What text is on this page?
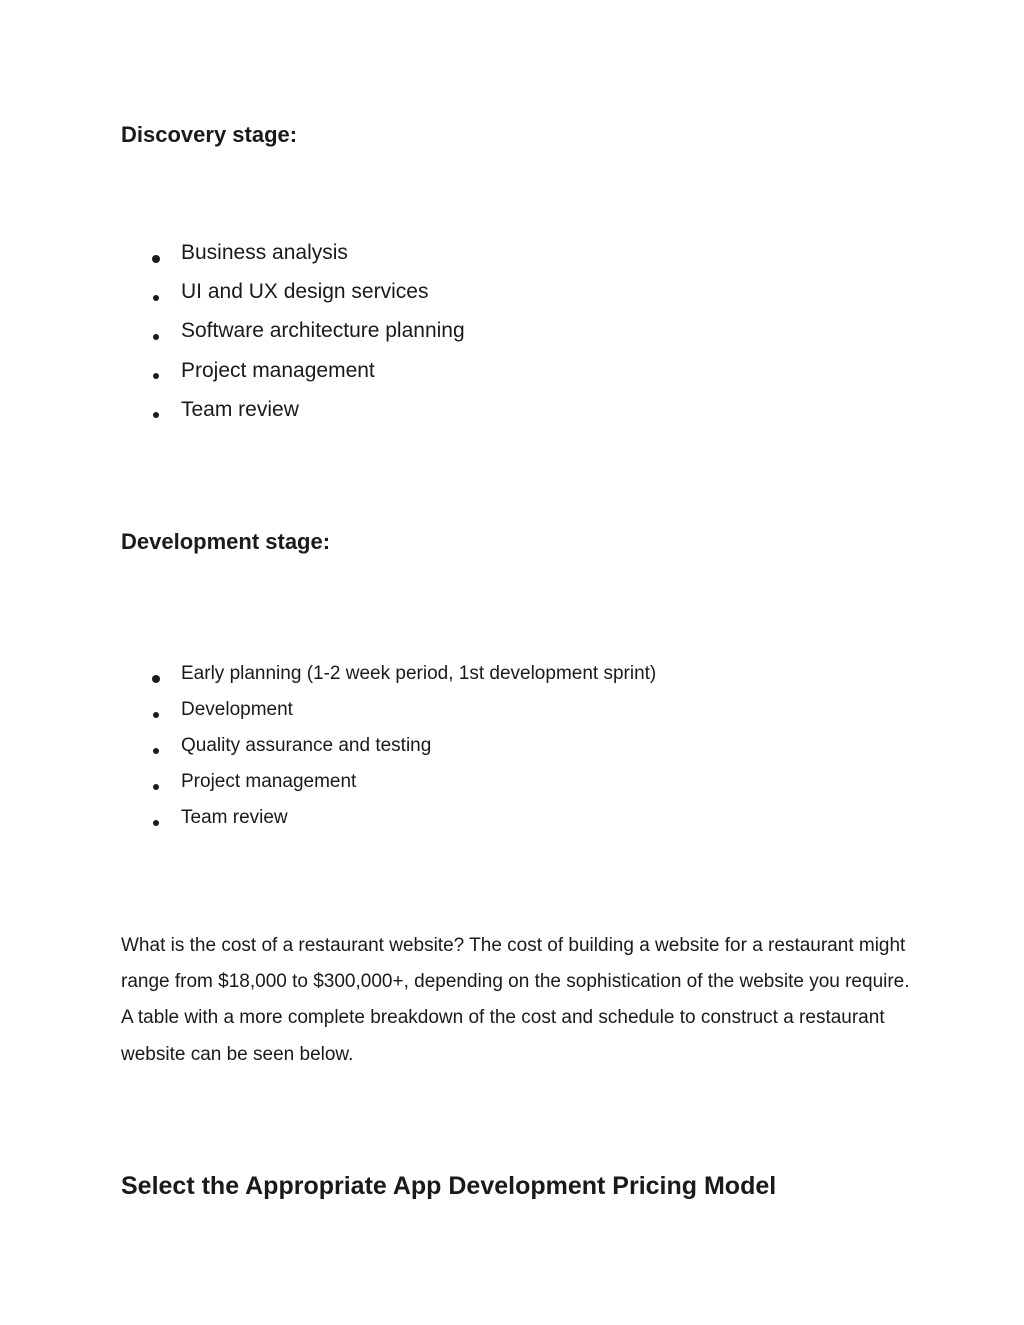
Discovery stage:
Business analysis
UI and UX design services
Software architecture planning
Project management
Team review
Development stage:
Early planning (1-2 week period, 1st development sprint)
Development
Quality assurance and testing
Project management
Team review

What is the cost of a restaurant website? The cost of building a website for a restaurant might range from $18,000 to $300,000+, depending on the sophistication of the website you require. A table with a more complete breakdown of the cost and schedule to construct a restaurant website can be seen below.

Select the Appropriate App Development Pricing Model
